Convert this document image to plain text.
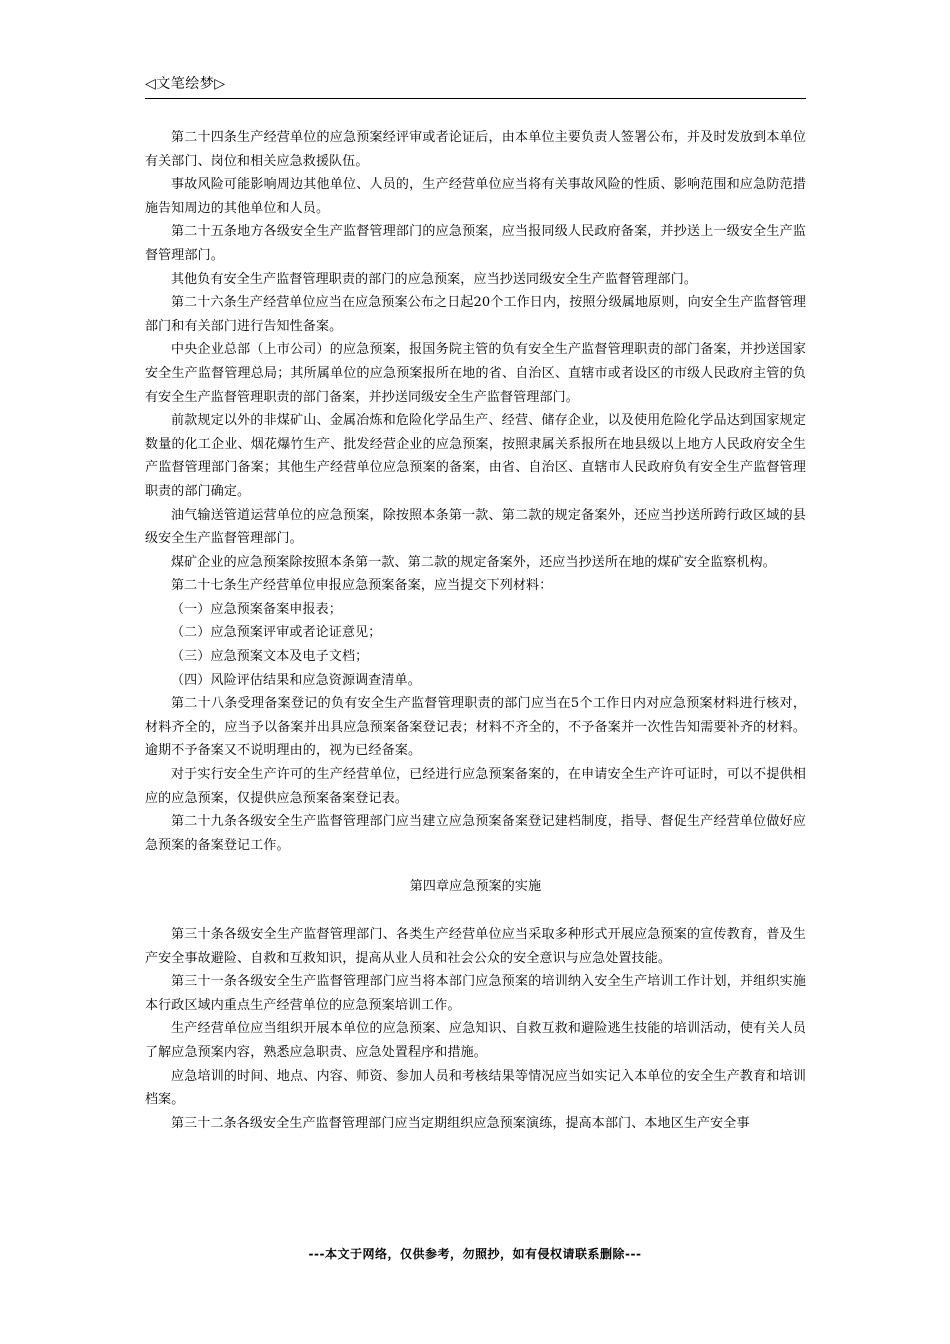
◁文笔绘梦▷

第二十四条生产经营单位的应急预案经评审或者论证后，由本单位主要负责人签署公布，并及时发放到本单位有关部门、岗位和相关应急救援队伍。

事故风险可能影响周边其他单位、人员的，生产经营单位应当将有关事故风险的性质、影响范围和应急防范措施告知周边的其他单位和人员。

第二十五条地方各级安全生产监督管理部门的应急预案，应当报同级人民政府备案，并抄送上一级安全生产监督管理部门。

其他负有安全生产监督管理职责的部门的应急预案，应当抄送同级安全生产监督管理部门。

第二十六条生产经营单位应当在应急预案公布之日起20个工作日内，按照分级属地原则，向安全生产监督管理部门和有关部门进行告知性备案。

中央企业总部（上市公司）的应急预案，报国务院主管的负有安全生产监督管理职责的部门备案，并抄送国家安全生产监督管理总局；其所属单位的应急预案报所在地的省、自治区、直辖市或者设区的市级人民政府主管的负有安全生产监督管理职责的部门备案，并抄送同级安全生产监督管理部门。

前款规定以外的非煤矿山、金属冶炼和危险化学品生产、经营、储存企业，以及使用危险化学品达到国家规定数量的化工企业、烟花爆竹生产、批发经营企业的应急预案，按照隶属关系报所在地县级以上地方人民政府安全生产监督管理部门备案；其他生产经营单位应急预案的备案，由省、自治区、直辖市人民政府负有安全生产监督管理职责的部门确定。

油气输送管道运营单位的应急预案，除按照本条第一款、第二款的规定备案外，还应当抄送所跨行政区域的县级安全生产监督管理部门。

煤矿企业的应急预案除按照本条第一款、第二款的规定备案外，还应当抄送所在地的煤矿安全监察机构。

第二十七条生产经营单位申报应急预案备案，应当提交下列材料：

（一）应急预案备案申报表；

（二）应急预案评审或者论证意见；

（三）应急预案文本及电子文档；

（四）风险评估结果和应急资源调查清单。

第二十八条受理备案登记的负有安全生产监督管理职责的部门应当在5个工作日内对应急预案材料进行核对，材料齐全的，应当予以备案并出具应急预案备案登记表；材料不齐全的，不予备案并一次性告知需要补齐的材料。逾期不予备案又不说明理由的，视为已经备案。

对于实行安全生产许可的生产经营单位，已经进行应急预案备案的，在申请安全生产许可证时，可以不提供相应的应急预案，仅提供应急预案备案登记表。

第二十九条各级安全生产监督管理部门应当建立应急预案备案登记建档制度，指导、督促生产经营单位做好应急预案的备案登记工作。

第四章应急预案的实施

第三十条各级安全生产监督管理部门、各类生产经营单位应当采取多种形式开展应急预案的宣传教育，普及生产安全事故避险、自救和互救知识，提高从业人员和社会公众的安全意识与应急处置技能。

第三十一条各级安全生产监督管理部门应当将本部门应急预案的培训纳入安全生产培训工作计划，并组织实施本行政区域内重点生产经营单位的应急预案培训工作。

生产经营单位应当组织开展本单位的应急预案、应急知识、自救互救和避险逃生技能的培训活动，使有关人员了解应急预案内容，熟悉应急职责、应急处置程序和措施。

应急培训的时间、地点、内容、师资、参加人员和考核结果等情况应当如实记入本单位的安全生产教育和培训档案。

第三十二条各级安全生产监督管理部门应当定期组织应急预案演练，提高本部门、本地区生产安全事

---本文于网络，仅供参考，勿照抄，如有侵权请联系删除---
